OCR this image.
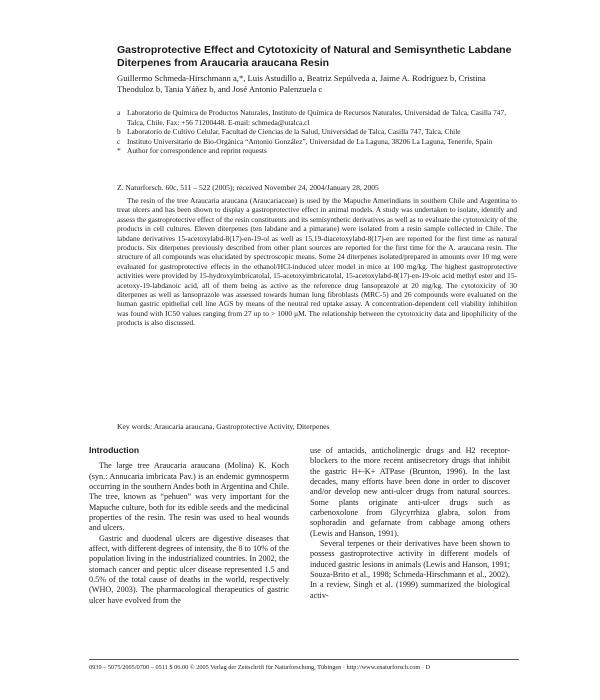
Gastroprotective Effect and Cytotoxicity of Natural and Semisynthetic Labdane Diterpenes from Araucaria araucana Resin
Guillermo Schmeda-Hirschmann a,*, Luis Astudillo a, Beatriz Sepúlveda a, Jaime A. Rodríguez b, Cristina Theoduloz b, Tania Yáñez b, and José Antonio Palenzuela c
a Laboratorio de Química de Productos Naturales, Instituto de Química de Recursos Naturales, Universidad de Talca, Casilla 747, Talca, Chile. Fax: +56 71200448. E-mail: schmeda@utalca.cl
b Laboratorio de Cultivo Celular, Facultad de Ciencias de la Salud, Universidad de Talca, Casilla 747, Talca, Chile
c Instituto Universitario de Bio-Orgánica “Antonio González”, Universidad de La Laguna, 38206 La Laguna, Tenerife, Spain
* Author for correspondence and reprint requests
Z. Naturforsch. 60c, 511 – 522 (2005); received November 24, 2004/January 28, 2005

The resin of the tree Araucaria araucana (Araucariaceae) is used by the Mapuche Amerindians in southern Chile and Argentina to treat ulcers and has been shown to display a gastroprotective effect in animal models. A study was undertaken to isolate, identify and assess the gastroprotective effect of the resin constituents and its semisynthetic derivatives as well as to evaluate the cytotoxicity of the products in cell cultures. Eleven diterpenes (ten labdane and a pimarane) were isolated from a resin sample collected in Chile. The labdane derivatives 15-acetoxylabd-8(17)-en-19-ol as well as 15,19-diacetoxylabd-8(17)-en are reported for the first time as natural products. Six diterpenes previously described from other plant sources are reported for the first time for the A. araucana resin. The structure of all compounds was elucidated by spectroscopic means. Some 24 diterpenes isolated/prepared in amounts over 10 mg were evaluated for gastroprotective effects in the ethanol/HCl-induced ulcer model in mice at 100 mg/kg. The highest gastroprotective activities were provided by 15-hydroxyimbricatolal, 15-acetoxyimbricatolal, 15-acetoxylabd-8(17)-en-19-oic acid methyl ester and 15-acetoxy-19-labdanoic acid, all of them being as active as the reference drug lansoprazole at 20 mg/kg. The cytotoxicity of 30 diterpenes as well as lansoprazole was assessed towards human lung fibroblasts (MRC-5) and 26 compounds were evaluated on the human gastric epithelial cell line AGS by means of the neutral red uptake assay. A concentration-dependent cell viability inhibition was found with IC50 values ranging from 27 up to > 1000 μM. The relationship between the cytotoxicity data and lipophilicity of the products is also discussed.

Key words: Araucaria araucana, Gastroprotective Activity, Diterpenes
Introduction

The large tree Araucaria araucana (Molina) K. Koch (syn.: Annucaria imbricata Pav.) is an endemic gymnosperm occurring in the southern Andes both in Argentina and Chile. The tree, known as “pehuen” was very important for the Mapuche culture, both for its edible seeds and the medicinal properties of the resin. The resin was used to heal wounds and ulcers.

Gastric and duodenal ulcers are digestive diseases that affect, with different degrees of intensity, the 8 to 10% of the population living in the industrialized countries. In 2002, the stomach cancer and peptic ulcer disease represented 1.5 and 0.5% of the total cause of deaths in the world, respectively (WHO, 2003). The pharmacological therapeutics of gastric ulcer have evolved from the

use of antacids, anticholinergic drugs and H2 receptor-blockers to the more recent antisecretory drugs that inhibit the gastric H+-K+ ATPase (Brunton, 1996). In the last decades, many efforts have been done in order to discover and/or develop new anti-ulcer drugs from natural sources. Some plants originate anti-ulcer drugs such as carbenoxolone from Glycyrrhiza glabra, solon from sophoradin and gefarnate from cabbage among others (Lewis and Hanson, 1991).

Several terpenes or their derivatives have been shown to possess gastroprotective activity in different models of induced gastric lesions in animals (Lewis and Hanson, 1991; Souza-Brito et al., 1998; Schmeda-Hirschmann et al., 2002). In a review, Singh et al. (1999) summarized the biological activ-

0939 – 5075/2005/0700 – 0511 $ 06.00 © 2005 Verlag der Zeitschrift für Naturforschung, Tübingen · http://www.znaturforsch.com · D
